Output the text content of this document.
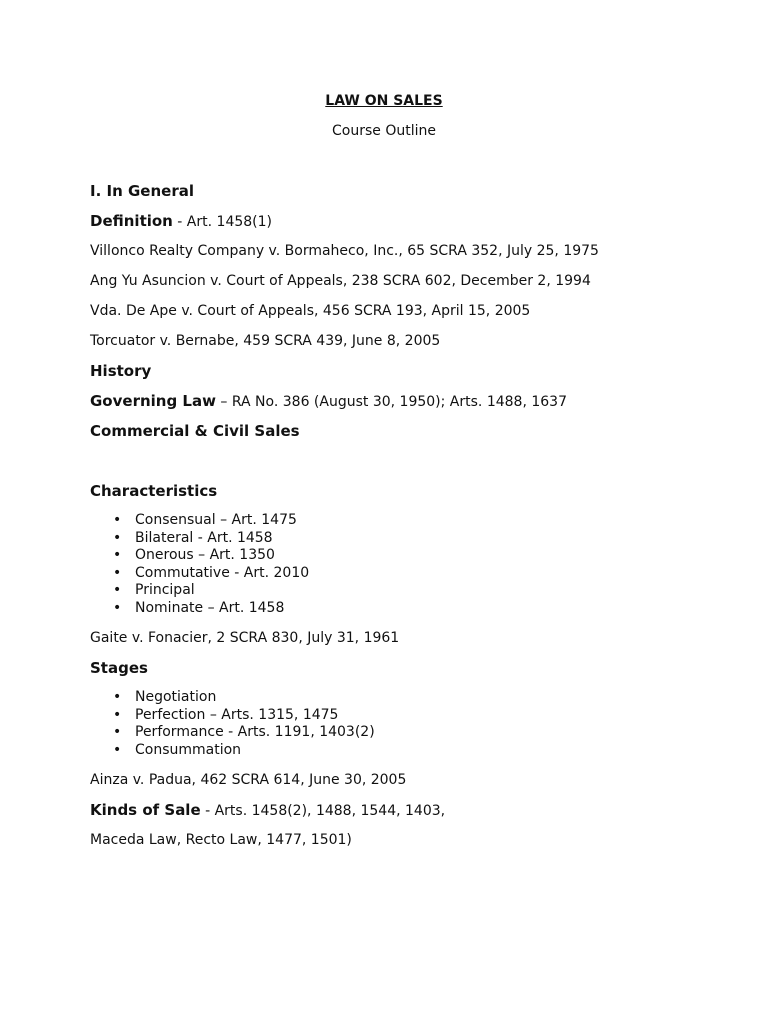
LAW ON SALES
Course Outline

I. In General

Definition - Art. 1458(1)

Villonco Realty Company v. Bormaheco, Inc., 65 SCRA 352, July 25, 1975

Ang Yu Asuncion v. Court of Appeals, 238 SCRA 602, December 2, 1994

Vda. De Ape v. Court of Appeals, 456 SCRA 193, April 15, 2005

Torcuator v. Bernabe, 459 SCRA 439, June 8, 2005

History

Governing Law – RA No. 386 (August 30, 1950); Arts. 1488, 1637

Commercial & Civil Sales

Characteristics

• Consensual – Art. 1475
• Bilateral - Art. 1458
• Onerous – Art. 1350
• Commutative - Art. 2010
• Principal
• Nominate – Art. 1458

Gaite v. Fonacier, 2 SCRA 830, July 31, 1961

Stages

• Negotiation
• Perfection – Arts. 1315, 1475
• Performance - Arts. 1191, 1403(2)
• Consummation

Ainza v. Padua, 462 SCRA 614, June 30, 2005

Kinds of Sale - Arts. 1458(2), 1488, 1544, 1403,

Maceda Law, Recto Law, 1477, 1501)
